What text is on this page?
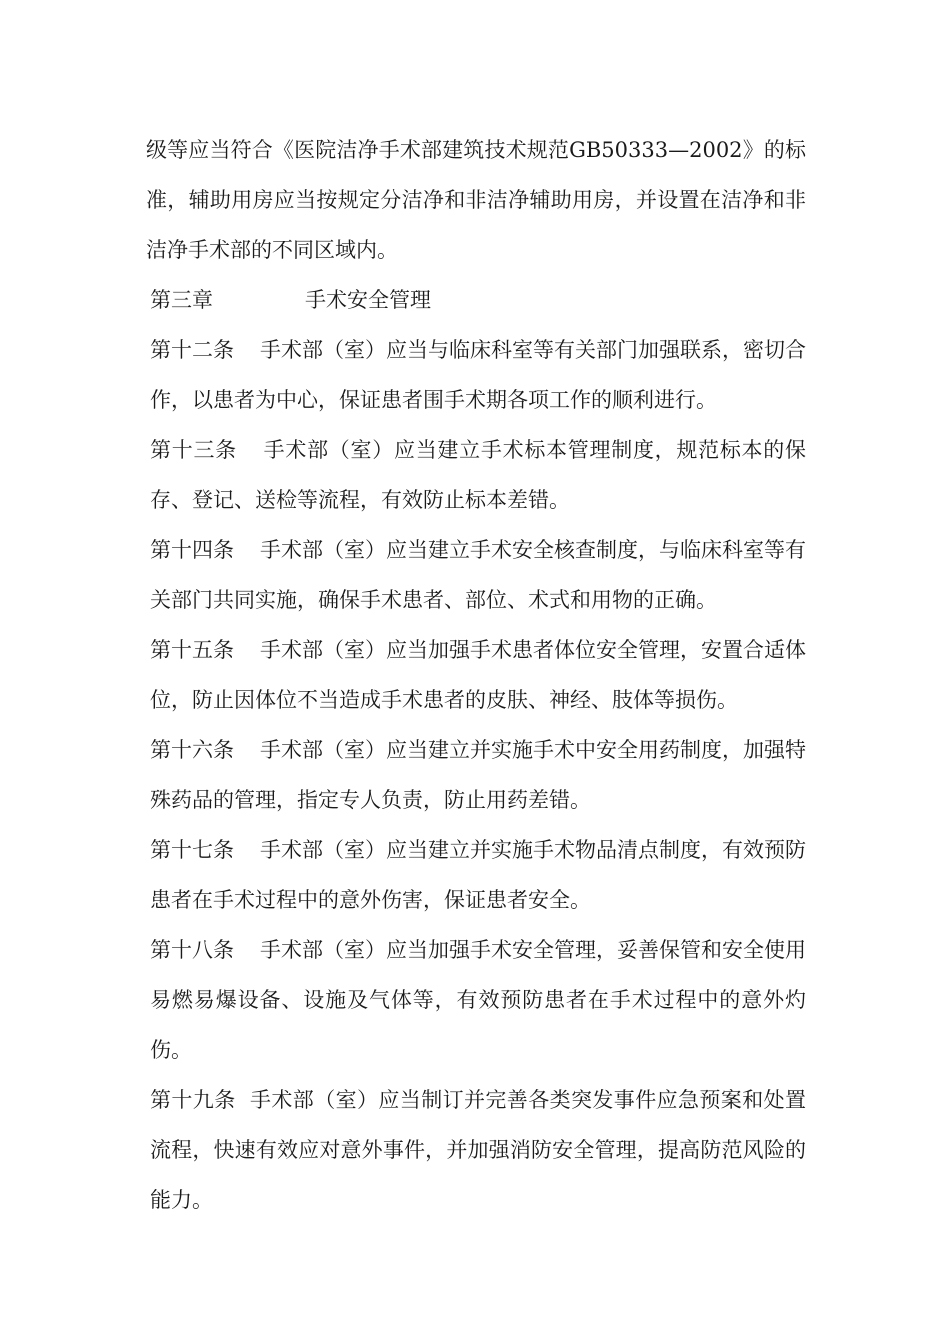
级等应当符合《医院洁净手术部建筑技术规范GB50333—2002》的标准，辅助用房应当按规定分洁净和非洁净辅助用房，并设置在洁净和非洁净手术部的不同区域内。

第三章	手术安全管理

第十二条 手术部（室）应当与临床科室等有关部门加强联系，密切合作，以患者为中心，保证患者围手术期各项工作的顺利进行。

第十三条 手术部（室）应当建立手术标本管理制度，规范标本的保存、登记、送检等流程，有效防止标本差错。

第十四条 手术部（室）应当建立手术安全核查制度，与临床科室等有关部门共同实施，确保手术患者、部位、术式和用物的正确。

第十五条 手术部（室）应当加强手术患者体位安全管理，安置合适体位，防止因体位不当造成手术患者的皮肤、神经、肢体等损伤。

第十六条 手术部（室）应当建立并实施手术中安全用药制度，加强特殊药品的管理，指定专人负责，防止用药差错。

第十七条 手术部（室）应当建立并实施手术物品清点制度，有效预防患者在手术过程中的意外伤害，保证患者安全。

第十八条 手术部（室）应当加强手术安全管理，妥善保管和安全使用易燃易爆设备、设施及气体等，有效预防患者在手术过程中的意外灼伤。

第十九条 手术部（室）应当制订并完善各类突发事件应急预案和处置流程，快速有效应对意外事件，并加强消防安全管理，提高防范风险的能力。
